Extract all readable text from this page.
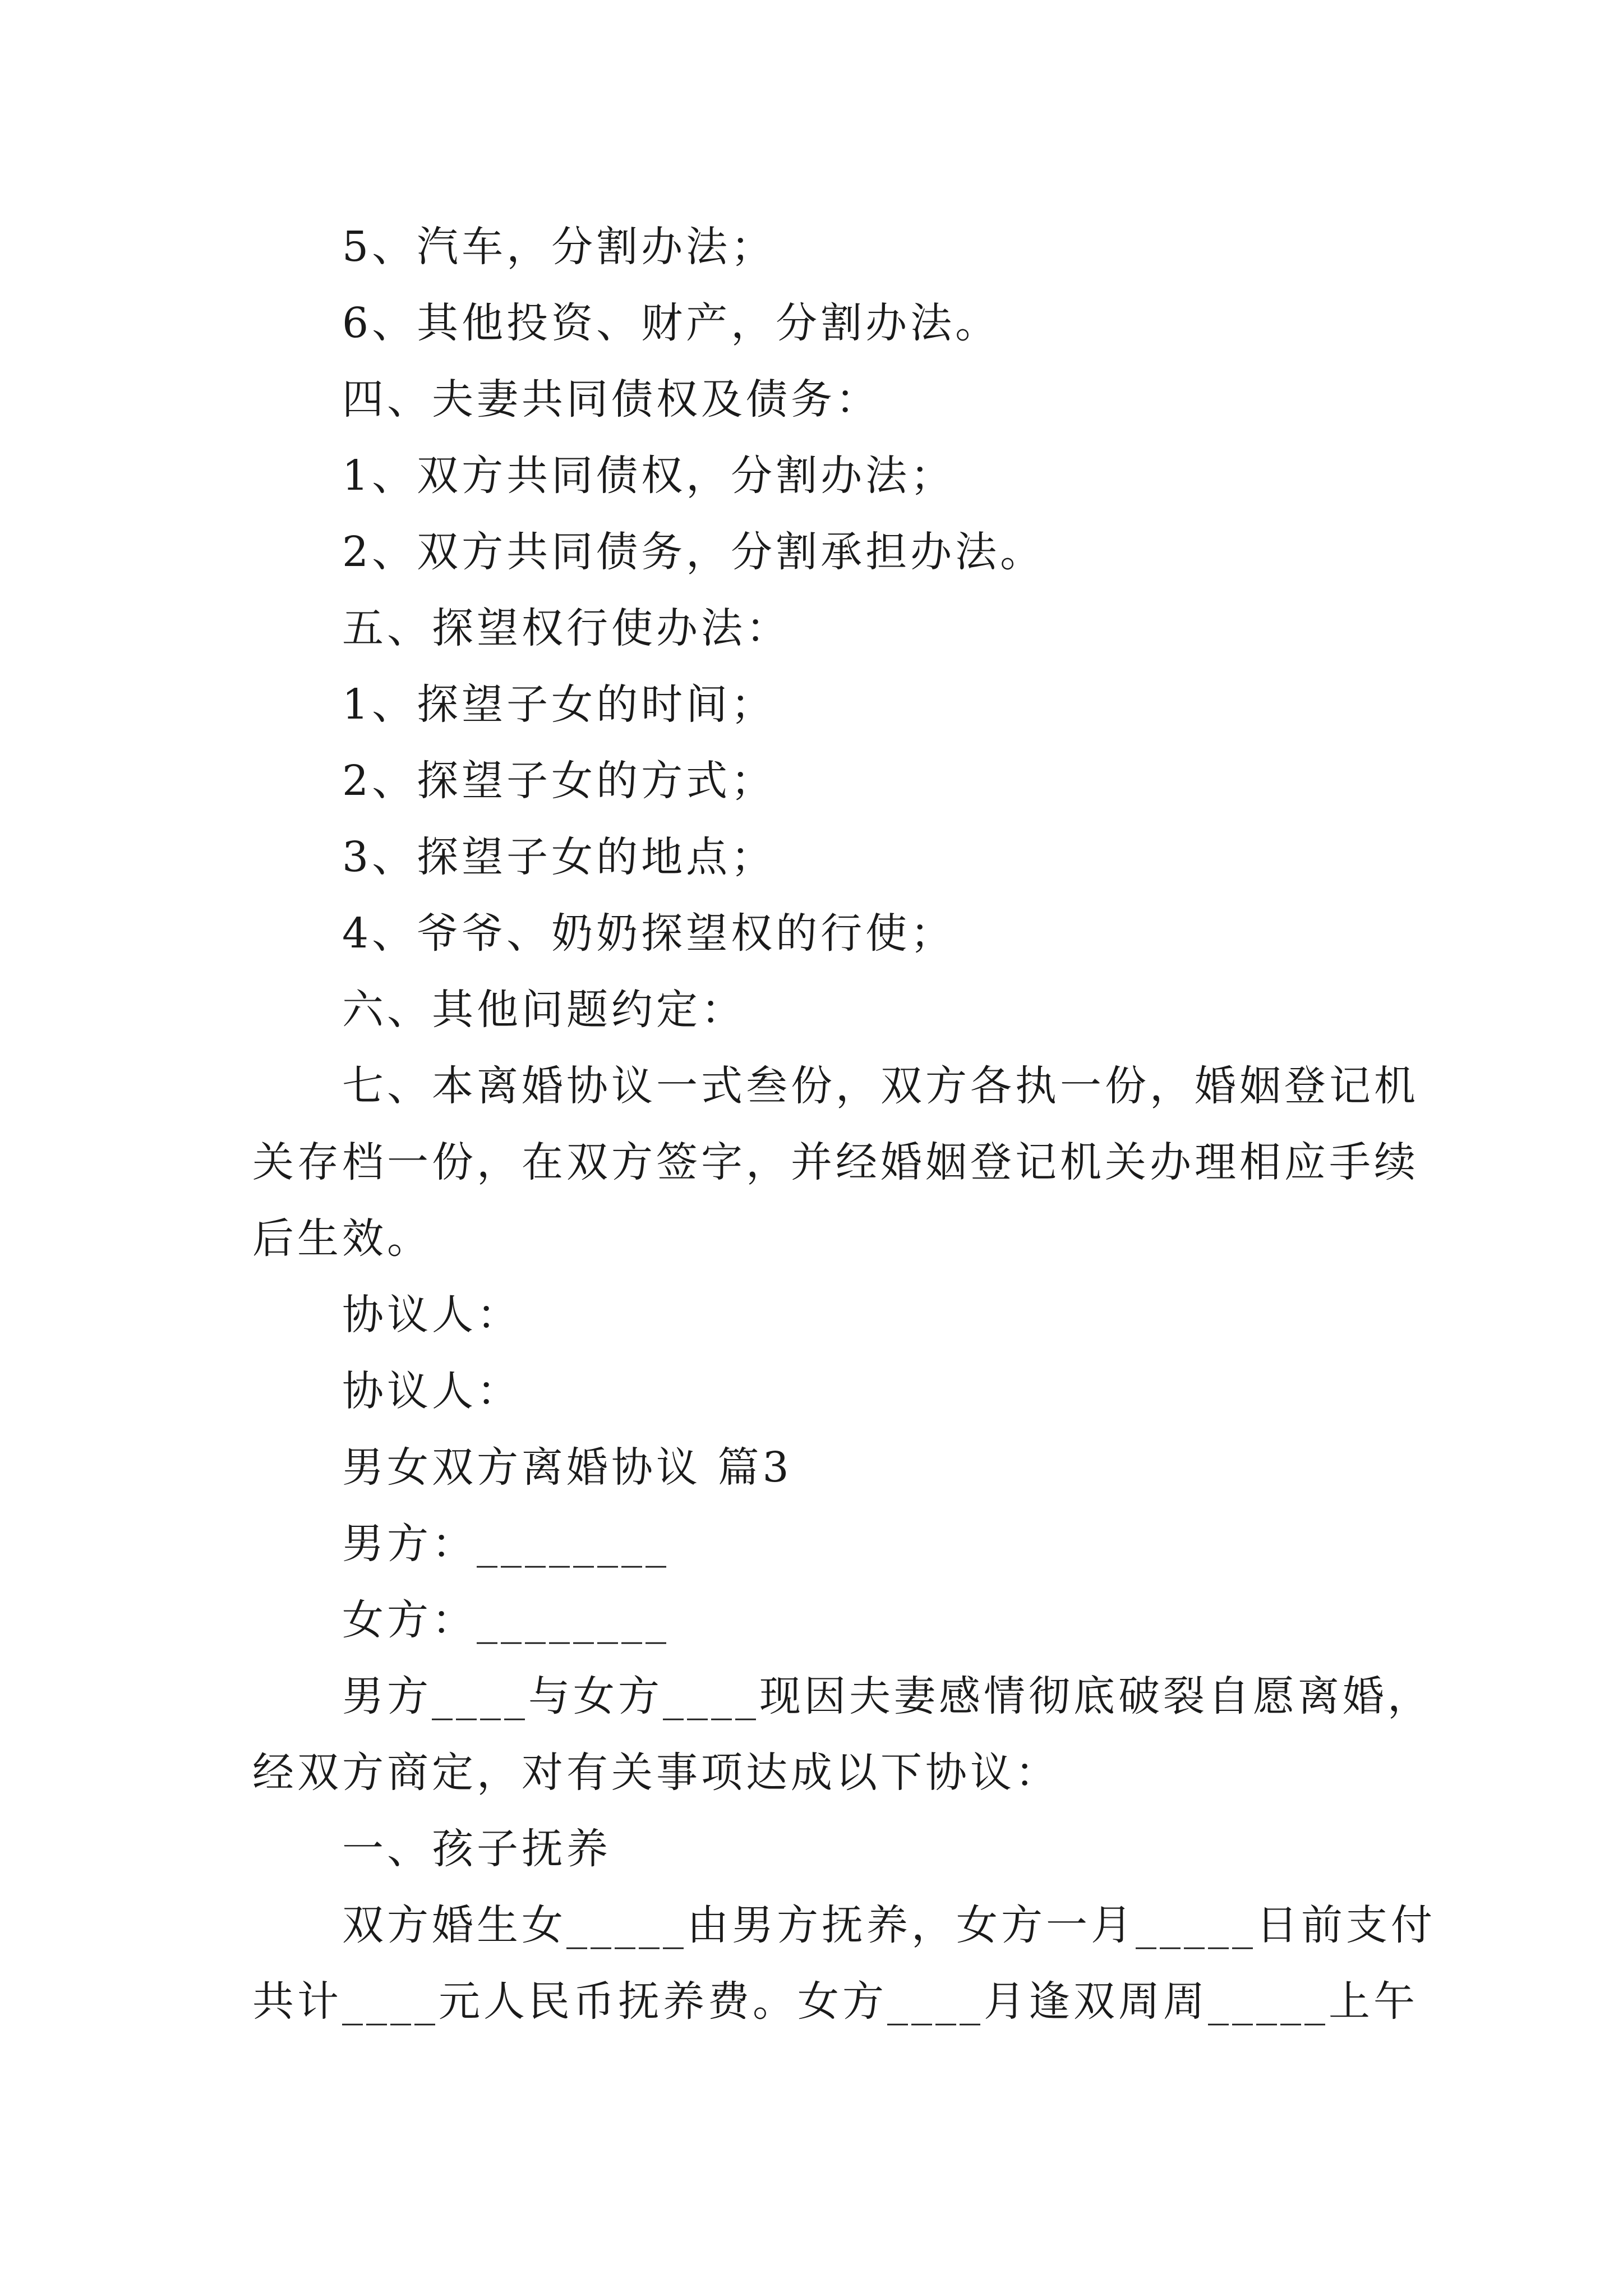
5、汽车，分割办法；

6、其他投资、财产，分割办法。

四、夫妻共同债权及债务：

1、双方共同债权，分割办法；

2、双方共同债务，分割承担办法。

五、探望权行使办法：

1、探望子女的时间；

2、探望子女的方式；

3、探望子女的地点；

4、爷爷、奶奶探望权的行使；

六、其他问题约定：

七、本离婚协议一式叁份，双方各执一份，婚姻登记机

关存档一份，在双方签字，并经婚姻登记机关办理相应手续

后生效。

协议人：

协议人：

男女双方离婚协议 篇3

男方：________

女方：________

男方____与女方____现因夫妻感情彻底破裂自愿离婚，

经双方商定，对有关事项达成以下协议：

一、孩子抚养

双方婚生女_____由男方抚养，女方一月_____日前支付

共计____元人民币抚养费。女方____月逢双周周_____上午
